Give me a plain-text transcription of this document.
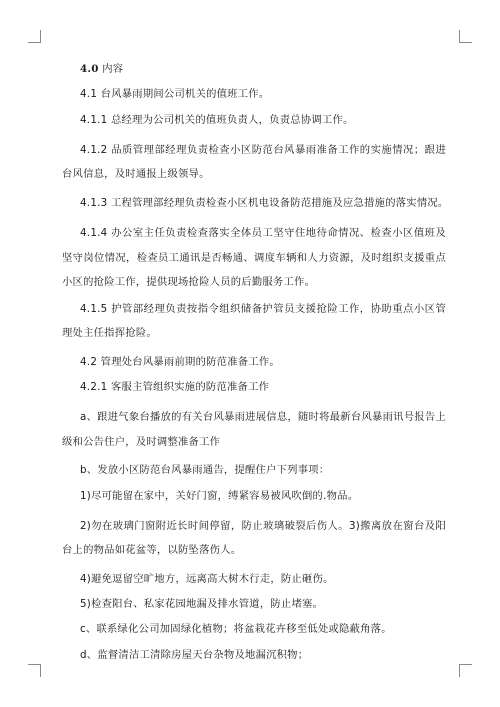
4.0 内容
4.1 台风暴雨期间公司机关的值班工作。
4.1.1 总经理为公司机关的值班负责人，负责总协调工作。
4.1.2 品质管理部经理负责检查小区防范台风暴雨准备工作的实施情况；跟进台风信息，及时通报上级领导。
4.1.3 工程管理部经理负责检查小区机电设备防范措施及应急措施的落实情况。
4.1.4 办公室主任负责检查落实全体员工坚守住地待命情况、检查小区值班及坚守岗位情况，检查员工通讯是否畅通、调度车辆和人力资源，及时组织支援重点小区的抢险工作，提供现场抢险人员的后勤服务工作。
4.1.5 护管部经理负责按指令组织储备护管员支援抢险工作，协助重点小区管理处主任指挥抢险。
4.2 管理处台风暴雨前期的防范准备工作。
4.2.1 客服主管组织实施的防范准备工作
a、跟进气象台播放的有关台风暴雨进展信息，随时将最新台风暴雨讯号报告上级和公告住户，及时调整准备工作
b、发放小区防范台风暴雨通告，提醒住户下列事项：
1)尽可能留在家中，关好门窗，缚紧容易被风吹倒的.物品。
2)勿在玻璃门窗附近长时间停留，防止玻璃破裂后伤人。3)搬离放在窗台及阳台上的物品如花盆等，以防坠落伤人。
4)避免逗留空旷地方，远离高大树木行走，防止砸伤。
5)检查阳台、私家花园地漏及排水管道，防止堵塞。
c、联系绿化公司加固绿化植物；将盆栽花卉移至低处或隐蔽角落。
d、监督清洁工清除房屋天台杂物及地漏沉积物；
